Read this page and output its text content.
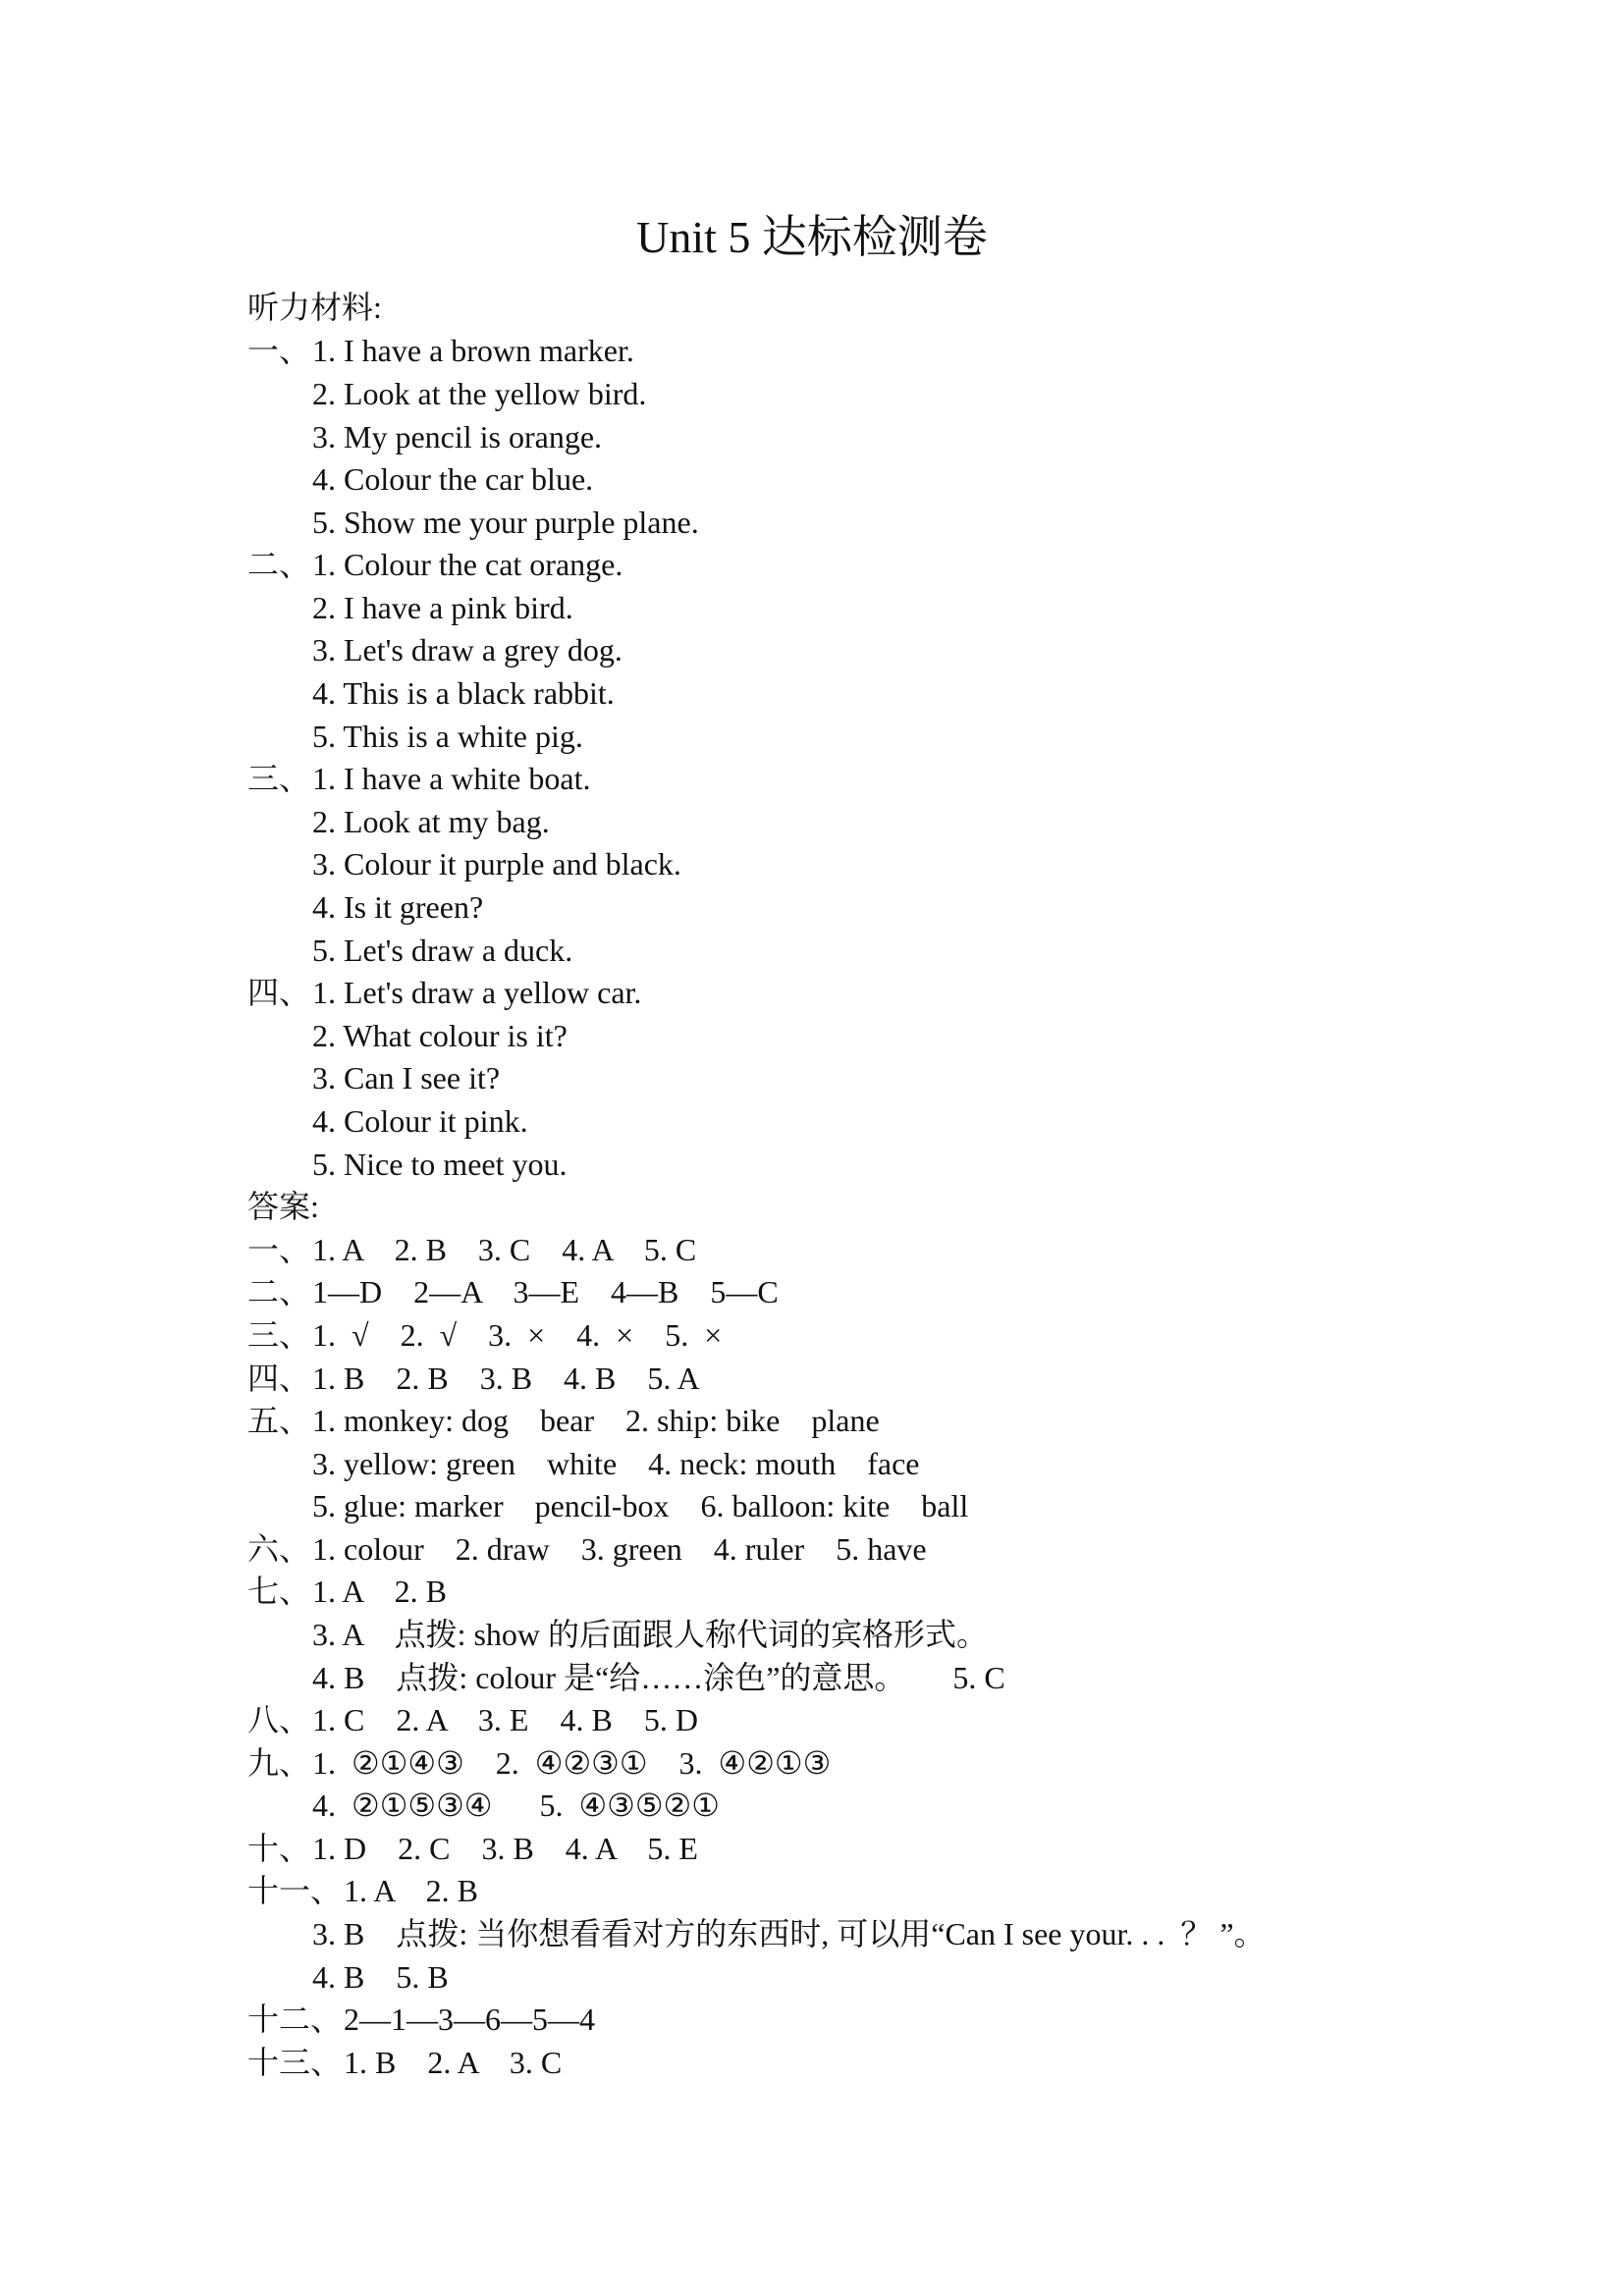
Unit 5 达标检测卷

听力材料:

一、

1. I have a brown marker.

2. Look at the yellow bird.

3. My pencil is orange.

4. Colour the car blue.

5. Show me your purple plane.

二、

1. Colour the cat orange.

2. I have a pink bird.

3. Let's draw a grey dog.

4. This is a black rabbit.

5. This is a white pig.

三、

1. I have a white boat.

2. Look at my bag.

3. Colour it purple and black.

4. Is it green?

5. Let's draw a duck.

四、

1. Let's draw a yellow car.

2. What colour is it?

3. Can I see it?

4. Colour it pink.

5. Nice to meet you.

答案:

一、

1. A    2. B    3. C    4. A    5. C

二、

1—D    2—A    3—E    4—B    5—C

三、

1.  √    2.  √    3.  ×    4.  ×    5.  ×

四、

1. B    2. B    3. B    4. B    5. A

五、

1. monkey: dog    bear    2. ship: bike    plane

3. yellow: green    white    4. neck: mouth    face

5. glue: marker    pencil‐box    6. balloon: kite    ball

六、

1. colour    2. draw    3. green    4. ruler    5. have

七、

1. A    2. B

3. A    点拨: show 的后面跟人称代词的宾格形式。

4. B    点拨: colour 是“给……涂色”的意思。      5. C

八、

1. C    2. A    3. E    4. B    5. D

九、

1.  ②①④③    2.  ④②③①    3.  ④②①③

4.  ②①⑤③④      5.  ④③⑤②①

十、

1. D    2. C    3. B    4. A    5. E

十一、

1. A    2. B

3. B    点拨: 当你想看看对方的东西时, 可以用“Can I see your. . .  ？ ”。

4. B    5. B

十二、

2—1—3—6—5—4

十三、

1. B    2. A    3. C
